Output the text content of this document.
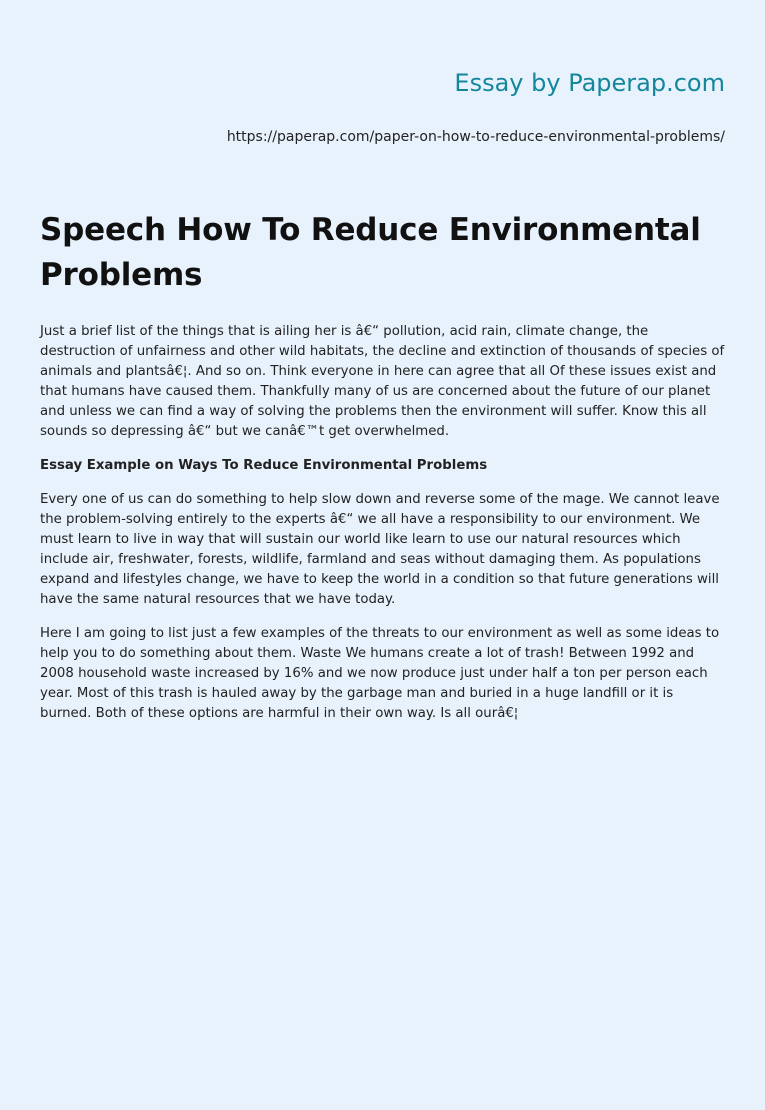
Essay by Paperap.com
https://paperap.com/paper-on-how-to-reduce-environmental-problems/
Speech How To Reduce Environmental Problems

Just a brief list of the things that is ailing her is â€“ pollution, acid rain, climate change, the destruction of unfairness and other wild habitats, the decline and extinction of thousands of species of animals and plantsâ€¦. And so on. Think everyone in here can agree that all Of these issues exist and that humans have caused them. Thankfully many of us are concerned about the future of our planet and unless we can find a way of solving the problems then the environment will suffer. Know this all sounds so depressing â€“ but we canâ€™t get overwhelmed.

Essay Example on Ways To Reduce Environmental Problems

Every one of us can do something to help slow down and reverse some of the mage. We cannot leave the problem-solving entirely to the experts â€“ we all have a responsibility to our environment. We must learn to live in way that will sustain our world like learn to use our natural resources which include air, freshwater, forests, wildlife, farmland and seas without damaging them. As populations expand and lifestyles change, we have to keep the world in a condition so that future generations will have the same natural resources that we have today.

Here I am going to list just a few examples of the threats to our environment as well as some ideas to help you to do something about them. Waste We humans create a lot of trash! Between 1992 and 2008 household waste increased by 16% and we now produce just under half a ton per person each year. Most of this trash is hauled away by the garbage man and buried in a huge landfill or it is burned. Both of these options are harmful in their own way. Is all ourâ€¦
